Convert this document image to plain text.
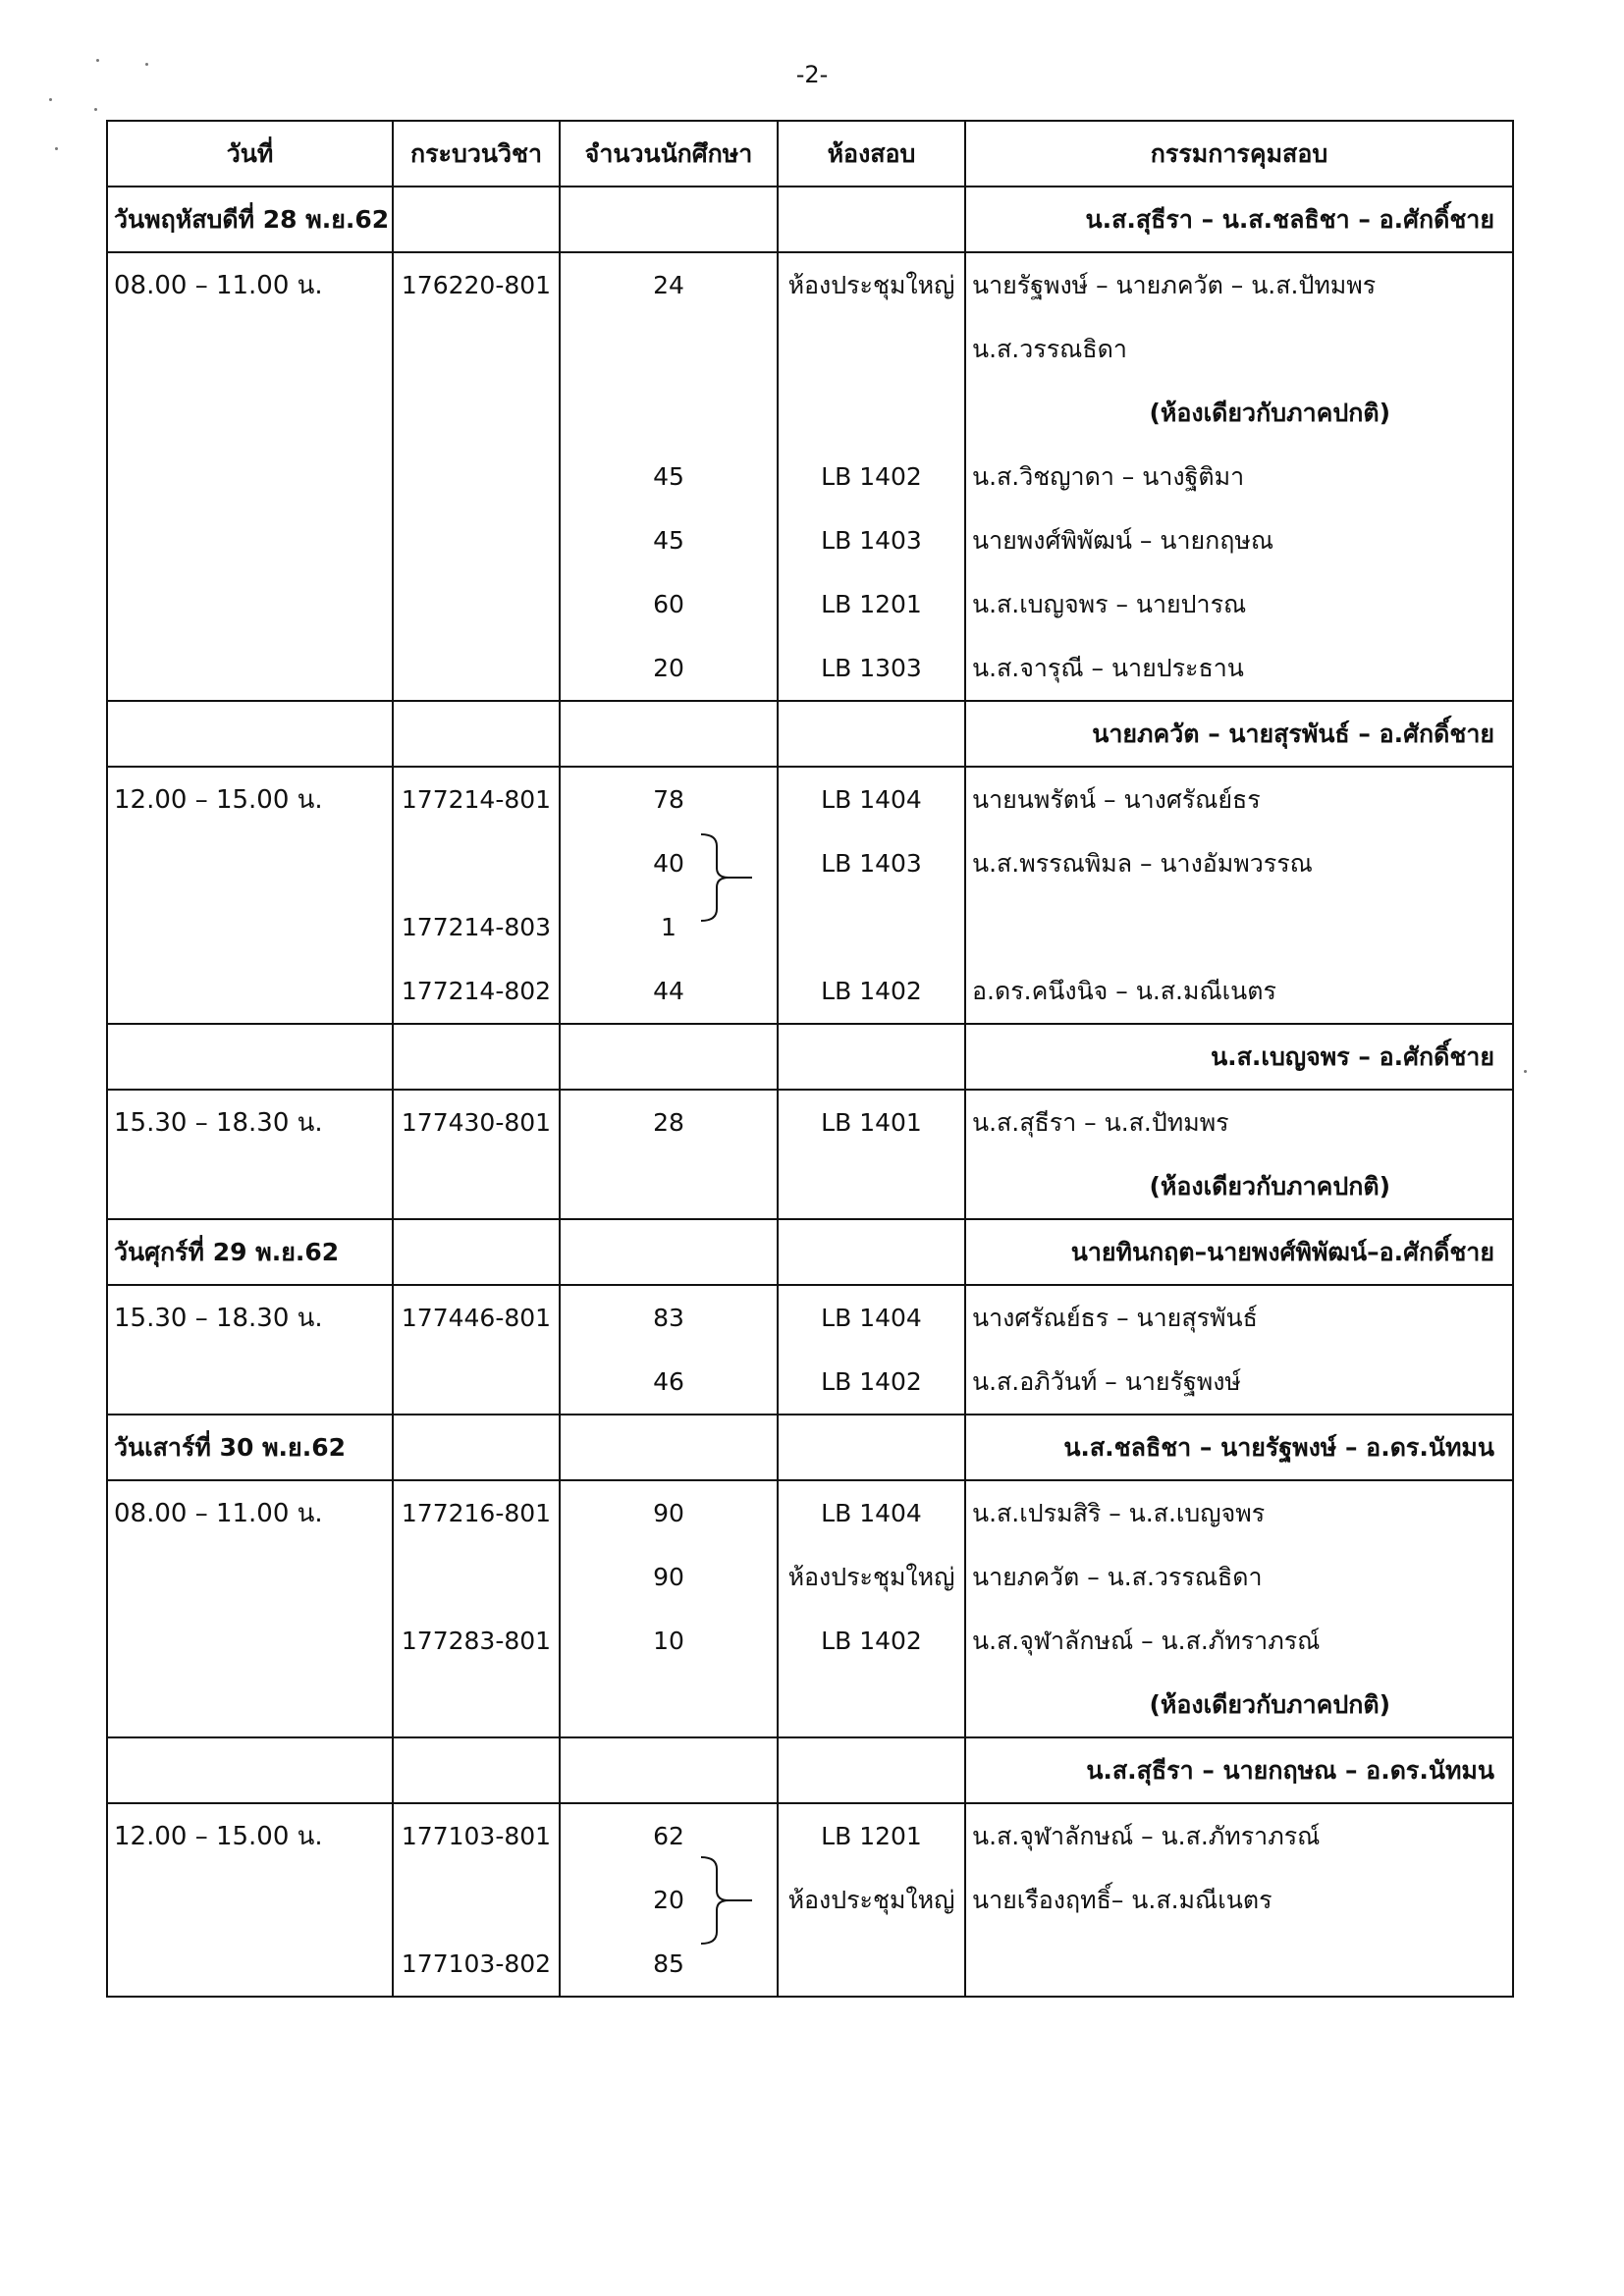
-2-
วันที่	กระบวนวิชา	จำนวนนักศึกษา	ห้องสอบ	กรรมการคุมสอบ
วันพฤหัสบดีที่ 28 พ.ย.62				น.ส.สุธีรา – น.ส.ชลธิชา – อ.ศักดิ์ชาย
08.00 – 11.00 น.	176220-801	24	ห้องประชุมใหญ่	นายรัฐพงษ์ – นายภควัต – น.ส.ปัทมพร
				น.ส.วรรณธิดา
				(ห้องเดียวกับภาคปกติ)
		45	LB 1402	น.ส.วิชญาดา – นางฐิติมา
		45	LB 1403	นายพงศ์พิพัฒน์ – นายกฤษณ
		60	LB 1201	น.ส.เบญจพร – นายปารณ
		20	LB 1303	น.ส.จารุณี – นายประธาน
				นายภควัต – นายสุรพันธ์ – อ.ศักดิ์ชาย
12.00 – 15.00 น.	177214-801	78	LB 1404	นายนพรัตน์ – นางศรัณย์ธร
		40	LB 1403	น.ส.พรรณพิมล – นางอัมพวรรณ
	177214-803	1		
	177214-802	44	LB 1402	อ.ดร.คนึงนิจ – น.ส.มณีเนตร
				น.ส.เบญจพร – อ.ศักดิ์ชาย
15.30 – 18.30 น.	177430-801	28	LB 1401	น.ส.สุธีรา – น.ส.ปัทมพร
				(ห้องเดียวกับภาคปกติ)
วันศุกร์ที่ 29 พ.ย.62				นายทินกฤต–นายพงศ์พิพัฒน์–อ.ศักดิ์ชาย
15.30 – 18.30 น.	177446-801	83	LB 1404	นางศรัณย์ธร – นายสุรพันธ์
		46	LB 1402	น.ส.อภิวันท์ – นายรัฐพงษ์
วันเสาร์ที่ 30 พ.ย.62				น.ส.ชลธิชา – นายรัฐพงษ์ – อ.ดร.นัทมน
08.00 – 11.00 น.	177216-801	90	LB 1404	น.ส.เปรมสิริ – น.ส.เบญจพร
		90	ห้องประชุมใหญ่	นายภควัต – น.ส.วรรณธิดา
	177283-801	10	LB 1402	น.ส.จุฬาลักษณ์ – น.ส.ภัทราภรณ์
				(ห้องเดียวกับภาคปกติ)
				น.ส.สุธีรา – นายกฤษณ – อ.ดร.นัทมน
12.00 – 15.00 น.	177103-801	62	LB 1201	น.ส.จุฬาลักษณ์ – น.ส.ภัทราภรณ์
		20	ห้องประชุมใหญ่	นายเรืองฤทธิ์– น.ส.มณีเนตร
	177103-802	85		
